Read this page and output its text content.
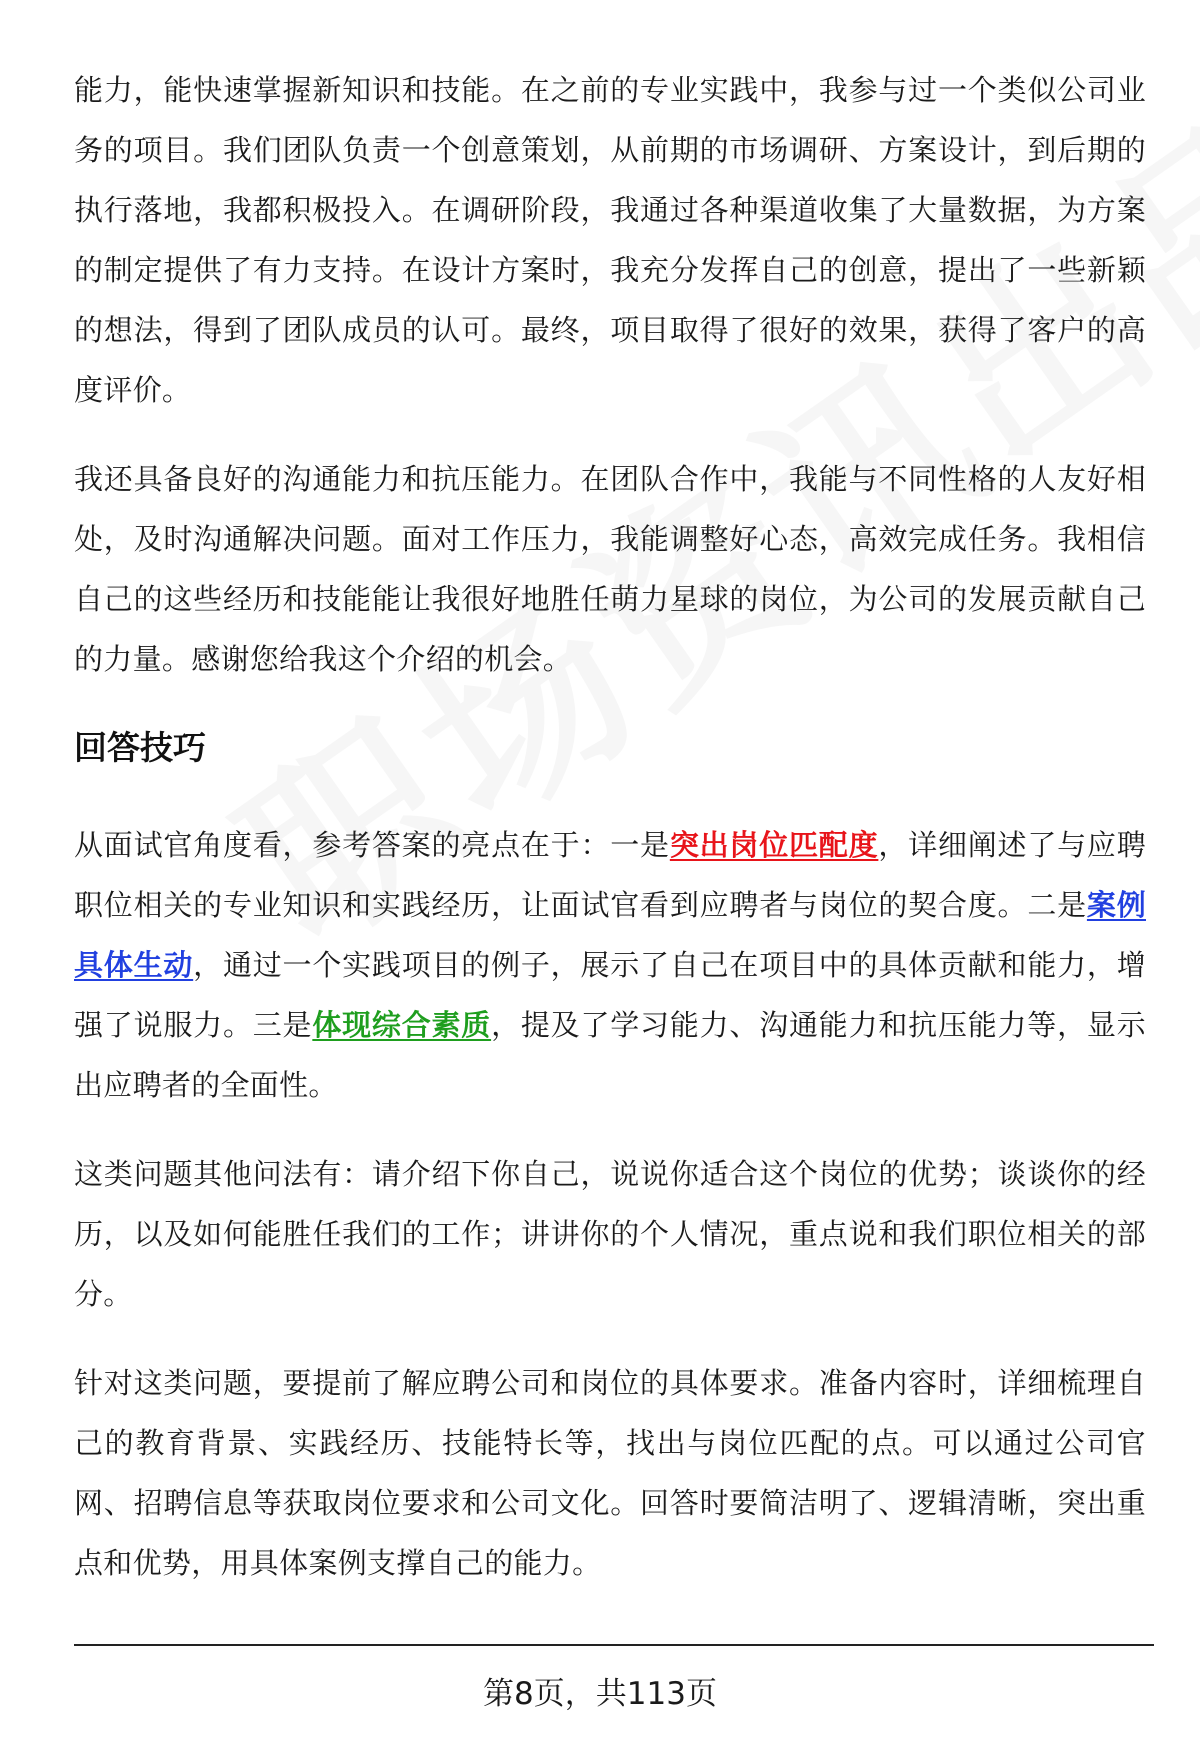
能力，能快速掌握新知识和技能。在之前的专业实践中，我参与过一个类似公司业务的项目。我们团队负责一个创意策划，从前期的市场调研、方案设计，到后期的执行落地，我都积极投入。在调研阶段，我通过各种渠道收集了大量数据，为方案的制定提供了有力支持。在设计方案时，我充分发挥自己的创意，提出了一些新颖的想法，得到了团队成员的认可。最终，项目取得了很好的效果，获得了客户的高度评价。

我还具备良好的沟通能力和抗压能力。在团队合作中，我能与不同性格的人友好相处，及时沟通解决问题。面对工作压力，我能调整好心态，高效完成任务。我相信自己的这些经历和技能能让我很好地胜任萌力星球的岗位，为公司的发展贡献自己的力量。感谢您给我这个介绍的机会。

回答技巧

从面试官角度看，参考答案的亮点在于：一是突出岗位匹配度，详细阐述了与应聘职位相关的专业知识和实践经历，让面试官看到应聘者与岗位的契合度。二是案例具体生动，通过一个实践项目的例子，展示了自己在项目中的具体贡献和能力，增强了说服力。三是体现综合素质，提及了学习能力、沟通能力和抗压能力等，显示出应聘者的全面性。

这类问题其他问法有：请介绍下你自己，说说你适合这个岗位的优势；谈谈你的经历，以及如何能胜任我们的工作；讲讲你的个人情况，重点说和我们职位相关的部分。

针对这类问题，要提前了解应聘公司和岗位的具体要求。准备内容时，详细梳理自己的教育背景、实践经历、技能特长等，找出与岗位匹配的点。可以通过公司官网、招聘信息等获取岗位要求和公司文化。回答时要简洁明了、逻辑清晰，突出重点和优势，用具体案例支撑自己的能力。

第8页，共113页
